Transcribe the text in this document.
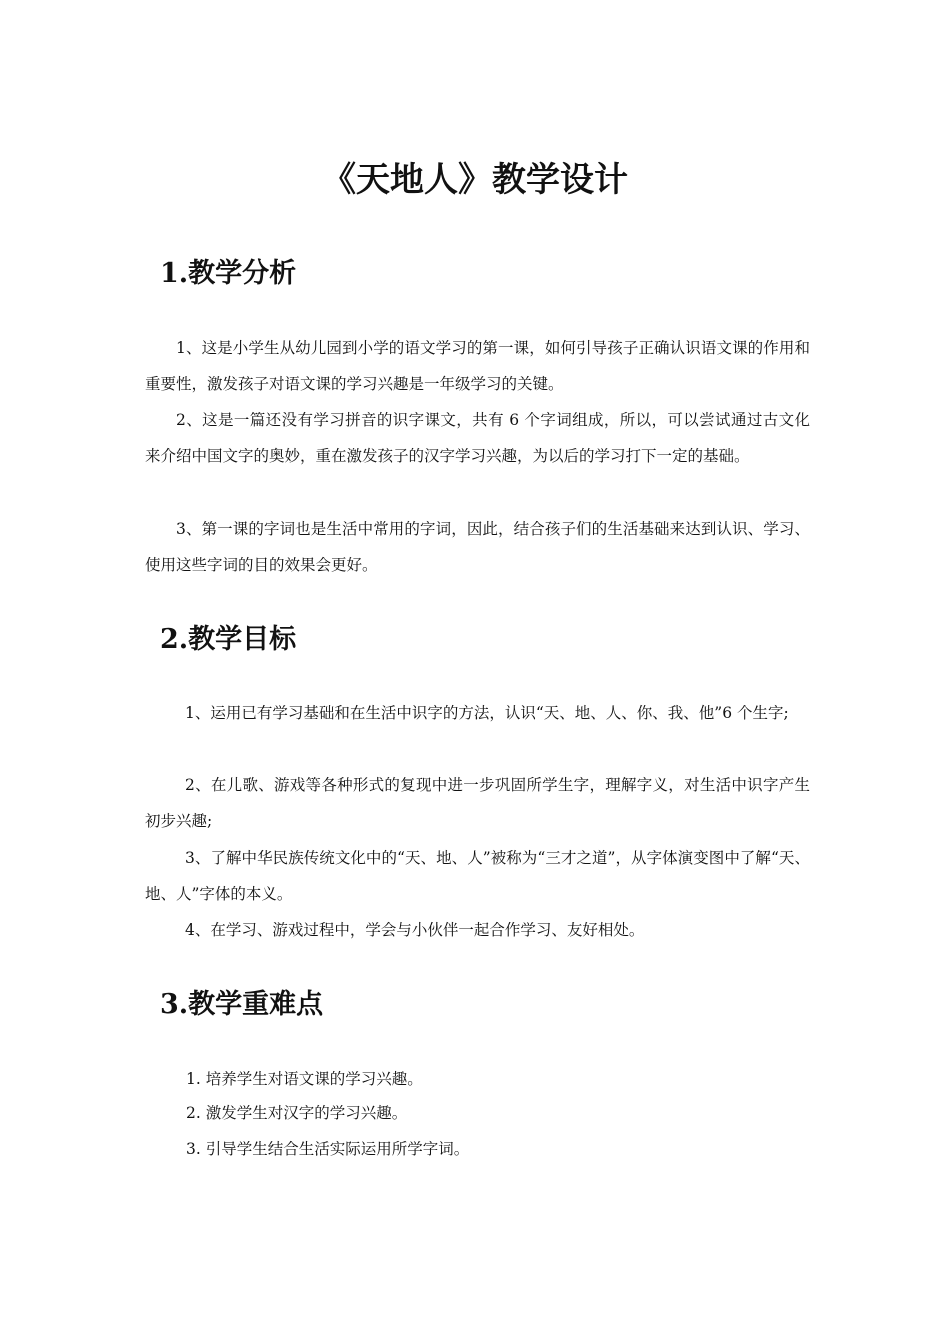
《天地人》教学设计
1.教学分析

1、这是小学生从幼儿园到小学的语文学习的第一课，如何引导孩子正确认识语文课的作用和重要性，激发孩子对语文课的学习兴趣是一年级学习的关键。

2、这是一篇还没有学习拼音的识字课文，共有 6 个字词组成，所以，可以尝试通过古文化来介绍中国文字的奥妙，重在激发孩子的汉字学习兴趣，为以后的学习打下一定的基础。

3、第一课的字词也是生活中常用的字词，因此，结合孩子们的生活基础来达到认识、学习、使用这些字词的目的效果会更好。

2.教学目标

1、运用已有学习基础和在生活中识字的方法，认识“天、地、人、你、我、他”6 个生字;

2、在儿歌、游戏等各种形式的复现中进一步巩固所学生字，理解字义，对生活中识字产生初步兴趣;

3、了解中华民族传统文化中的“天、地、人”被称为“三才之道”，从字体演变图中了解“天、地、人”字体的本义。

4、在学习、游戏过程中，学会与小伙伴一起合作学习、友好相处。

3.教学重难点

1. 培养学生对语文课的学习兴趣。

2. 激发学生对汉字的学习兴趣。

3. 引导学生结合生活实际运用所学字词。
